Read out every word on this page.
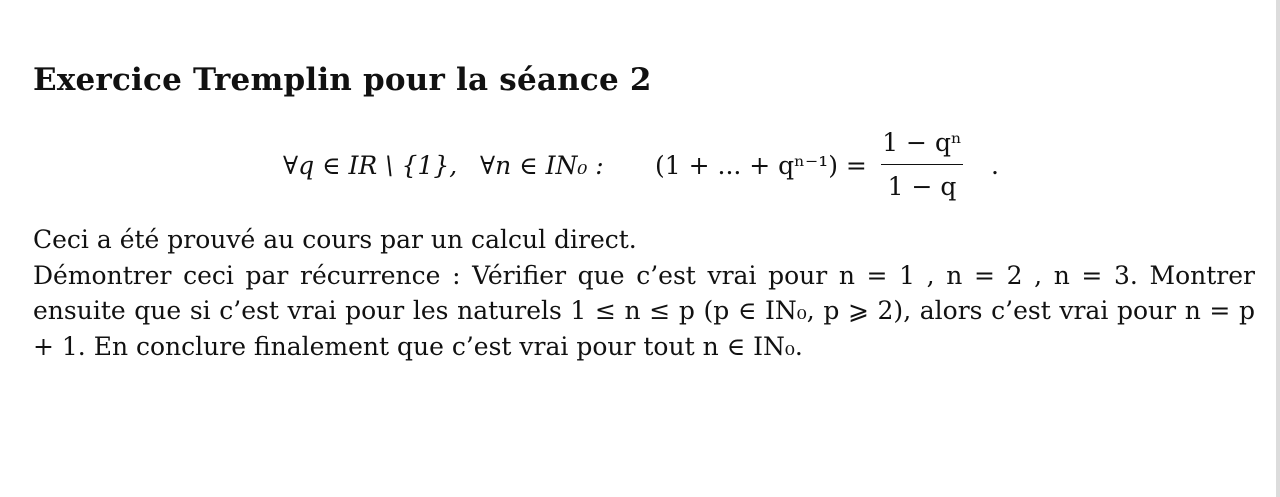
Exercice Tremplin pour la séance 2
∀q ∈ IR \ {1}, ∀n ∈ IN₀ : (1 + ... + qⁿ⁻¹) =
1 − qⁿ
1 − q
.

Ceci a été prouvé au cours par un calcul direct.

Démontrer ceci par récurrence : Vérifier que c’est vrai pour n = 1 , n = 2 , n = 3. Montrer ensuite que si c’est vrai pour les naturels 1 ≤ n ≤ p (p ∈ IN₀, p ⩾ 2), alors c’est vrai pour n = p + 1. En conclure finalement que c’est vrai pour tout n ∈ IN₀.
